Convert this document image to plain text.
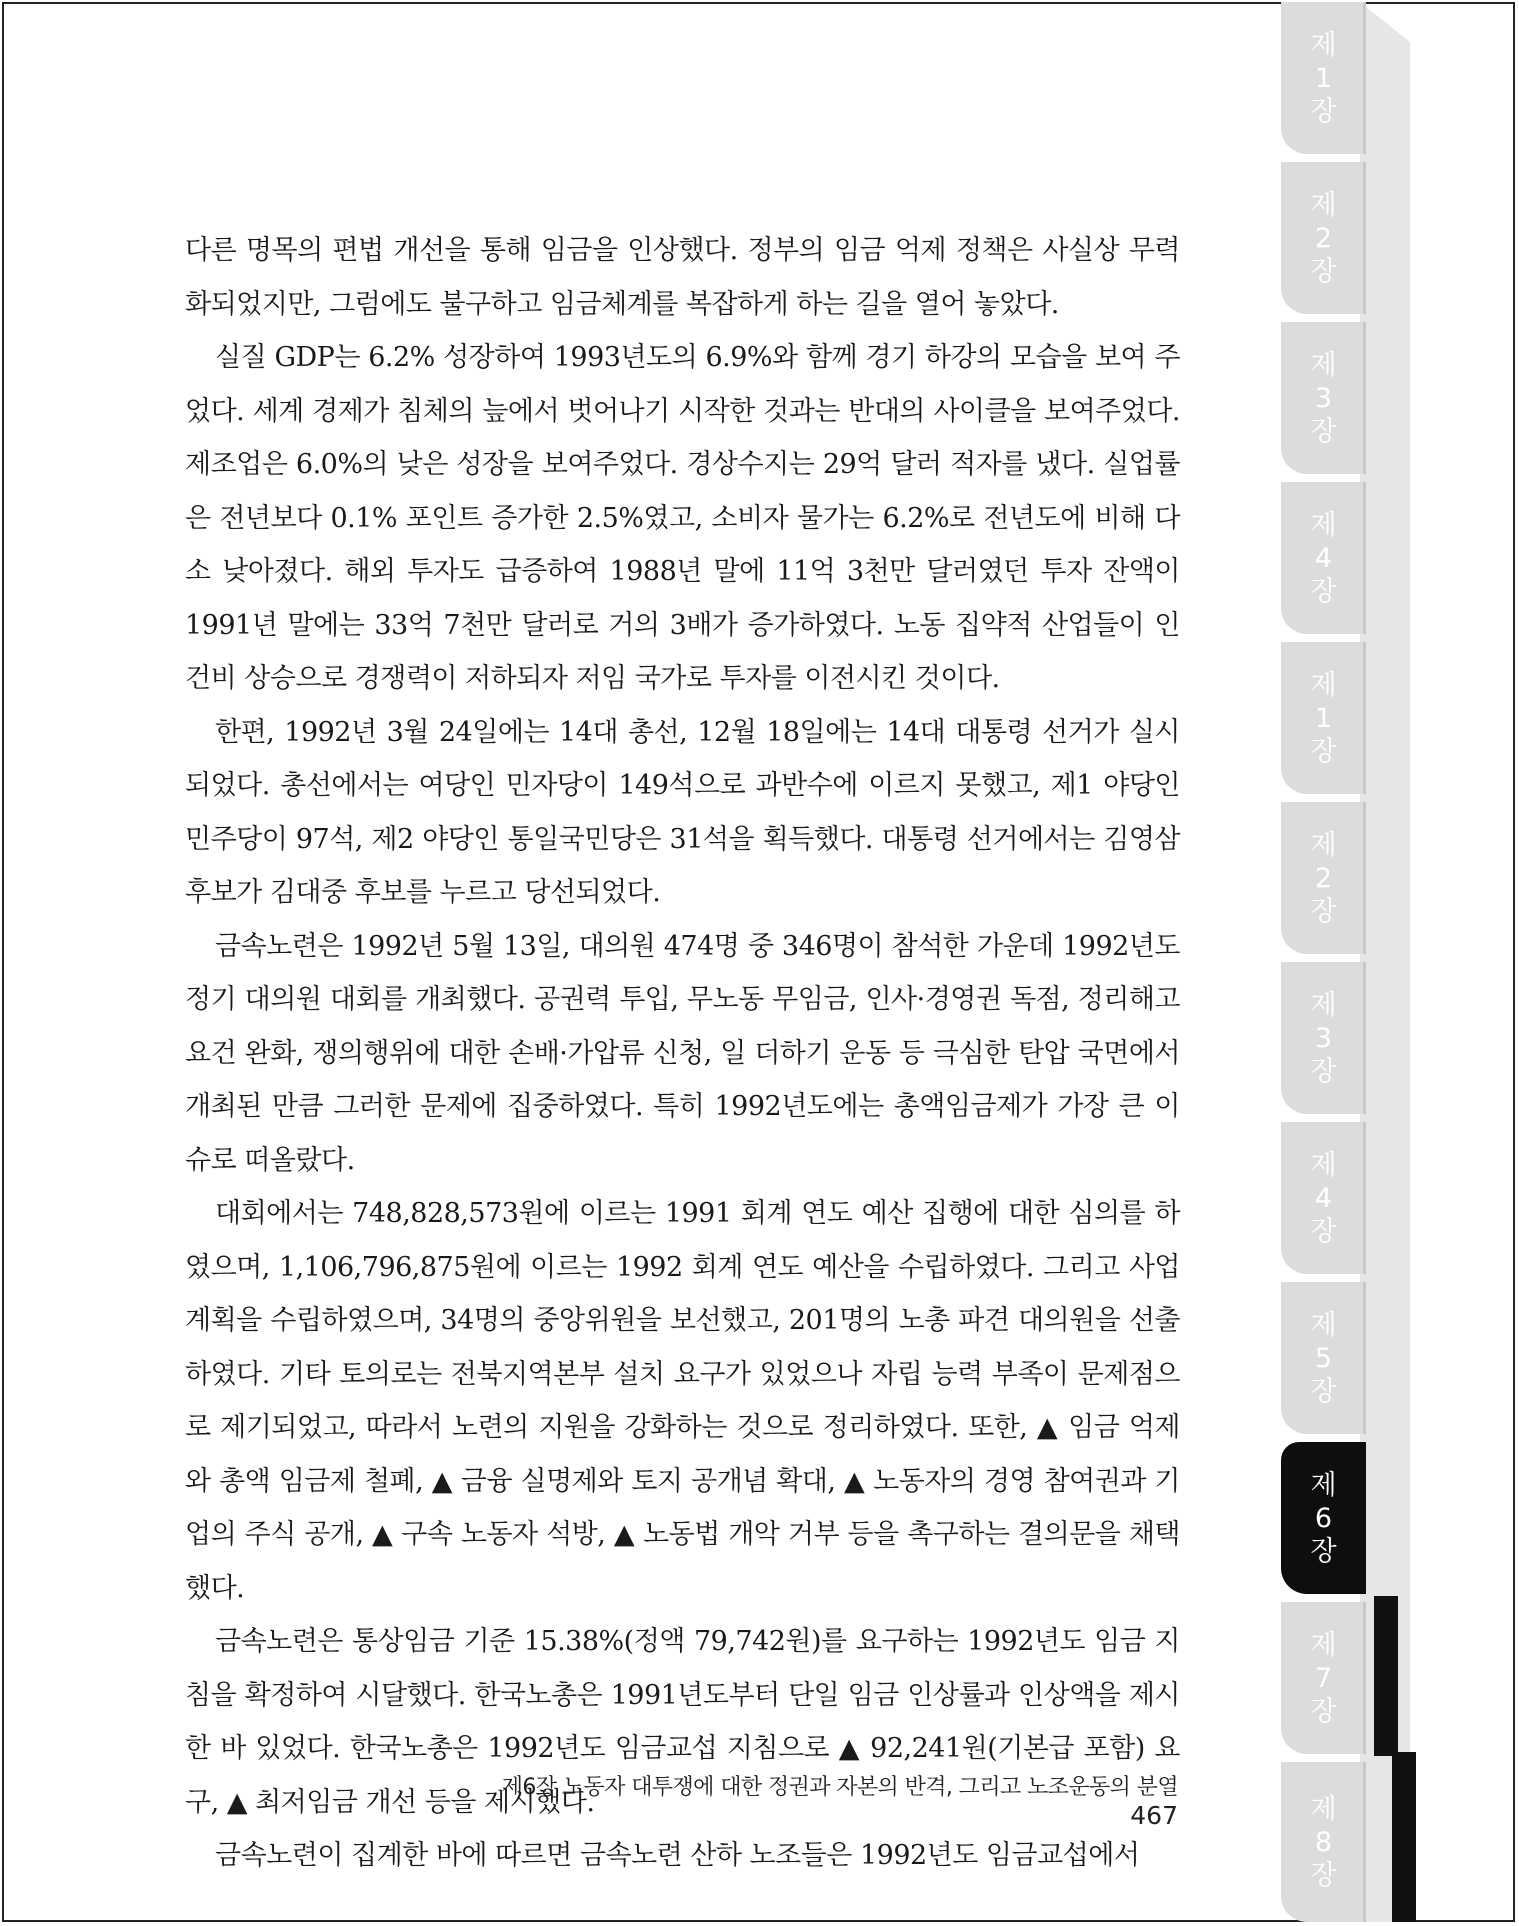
제
1
장
제
2
장
제
3
장
제
4
장
제
1
장
제
2
장
제
3
장
제
4
장
제
5
장
제
6
장
제
7
장
제
8
장

다른 명목의 편법 개선을 통해 임금을 인상했다. 정부의 임금 억제 정책은 사실상 무력화되었지만, 그럼에도 불구하고 임금체계를 복잡하게 하는 길을 열어 놓았다.

실질 GDP는 6.2% 성장하여 1993년도의 6.9%와 함께 경기 하강의 모습을 보여 주었다. 세계 경제가 침체의 늪에서 벗어나기 시작한 것과는 반대의 사이클을 보여주었다. 제조업은 6.0%의 낮은 성장을 보여주었다. 경상수지는 29억 달러 적자를 냈다. 실업률은 전년보다 0.1% 포인트 증가한 2.5%였고, 소비자 물가는 6.2%로 전년도에 비해 다소 낮아졌다. 해외 투자도 급증하여 1988년 말에 11억 3천만 달러였던 투자 잔액이 1991년 말에는 33억 7천만 달러로 거의 3배가 증가하였다. 노동 집약적 산업들이 인건비 상승으로 경쟁력이 저하되자 저임 국가로 투자를 이전시킨 것이다.

한편, 1992년 3월 24일에는 14대 총선, 12월 18일에는 14대 대통령 선거가 실시되었다. 총선에서는 여당인 민자당이 149석으로 과반수에 이르지 못했고, 제1 야당인 민주당이 97석, 제2 야당인 통일국민당은 31석을 획득했다. 대통령 선거에서는 김영삼 후보가 김대중 후보를 누르고 당선되었다.

금속노련은 1992년 5월 13일, 대의원 474명 중 346명이 참석한 가운데 1992년도 정기 대의원 대회를 개최했다. 공권력 투입, 무노동 무임금, 인사·경영권 독점, 정리해고 요건 완화, 쟁의행위에 대한 손배·가압류 신청, 일 더하기 운동 등 극심한 탄압 국면에서 개최된 만큼 그러한 문제에 집중하였다. 특히 1992년도에는 총액임금제가 가장 큰 이슈로 떠올랐다.

대회에서는 748,828,573원에 이르는 1991 회계 연도 예산 집행에 대한 심의를 하였으며, 1,106,796,875원에 이르는 1992 회계 연도 예산을 수립하였다. 그리고 사업 계획을 수립하였으며, 34명의 중앙위원을 보선했고, 201명의 노총 파견 대의원을 선출하였다. 기타 토의로는 전북지역본부 설치 요구가 있었으나 자립 능력 부족이 문제점으로 제기되었고, 따라서 노련의 지원을 강화하는 것으로 정리하였다. 또한, ▲ 임금 억제와 총액 임금제 철폐, ▲ 금융 실명제와 토지 공개념 확대, ▲ 노동자의 경영 참여권과 기업의 주식 공개, ▲ 구속 노동자 석방, ▲ 노동법 개악 거부 등을 촉구하는 결의문을 채택했다.

금속노련은 통상임금 기준 15.38%(정액 79,742원)를 요구하는 1992년도 임금 지침을 확정하여 시달했다. 한국노총은 1991년도부터 단일 임금 인상률과 인상액을 제시한 바 있었다. 한국노총은 1992년도 임금교섭 지침으로 ▲ 92,241원(기본급 포함) 요구, ▲ 최저임금 개선 등을 제시했다.

금속노련이 집계한 바에 따르면 금속노련 산하 노조들은 1992년도 임금교섭에서

제6장 노동자 대투쟁에 대한 정권과 자본의 반격, 그리고 노조운동의 분열467
